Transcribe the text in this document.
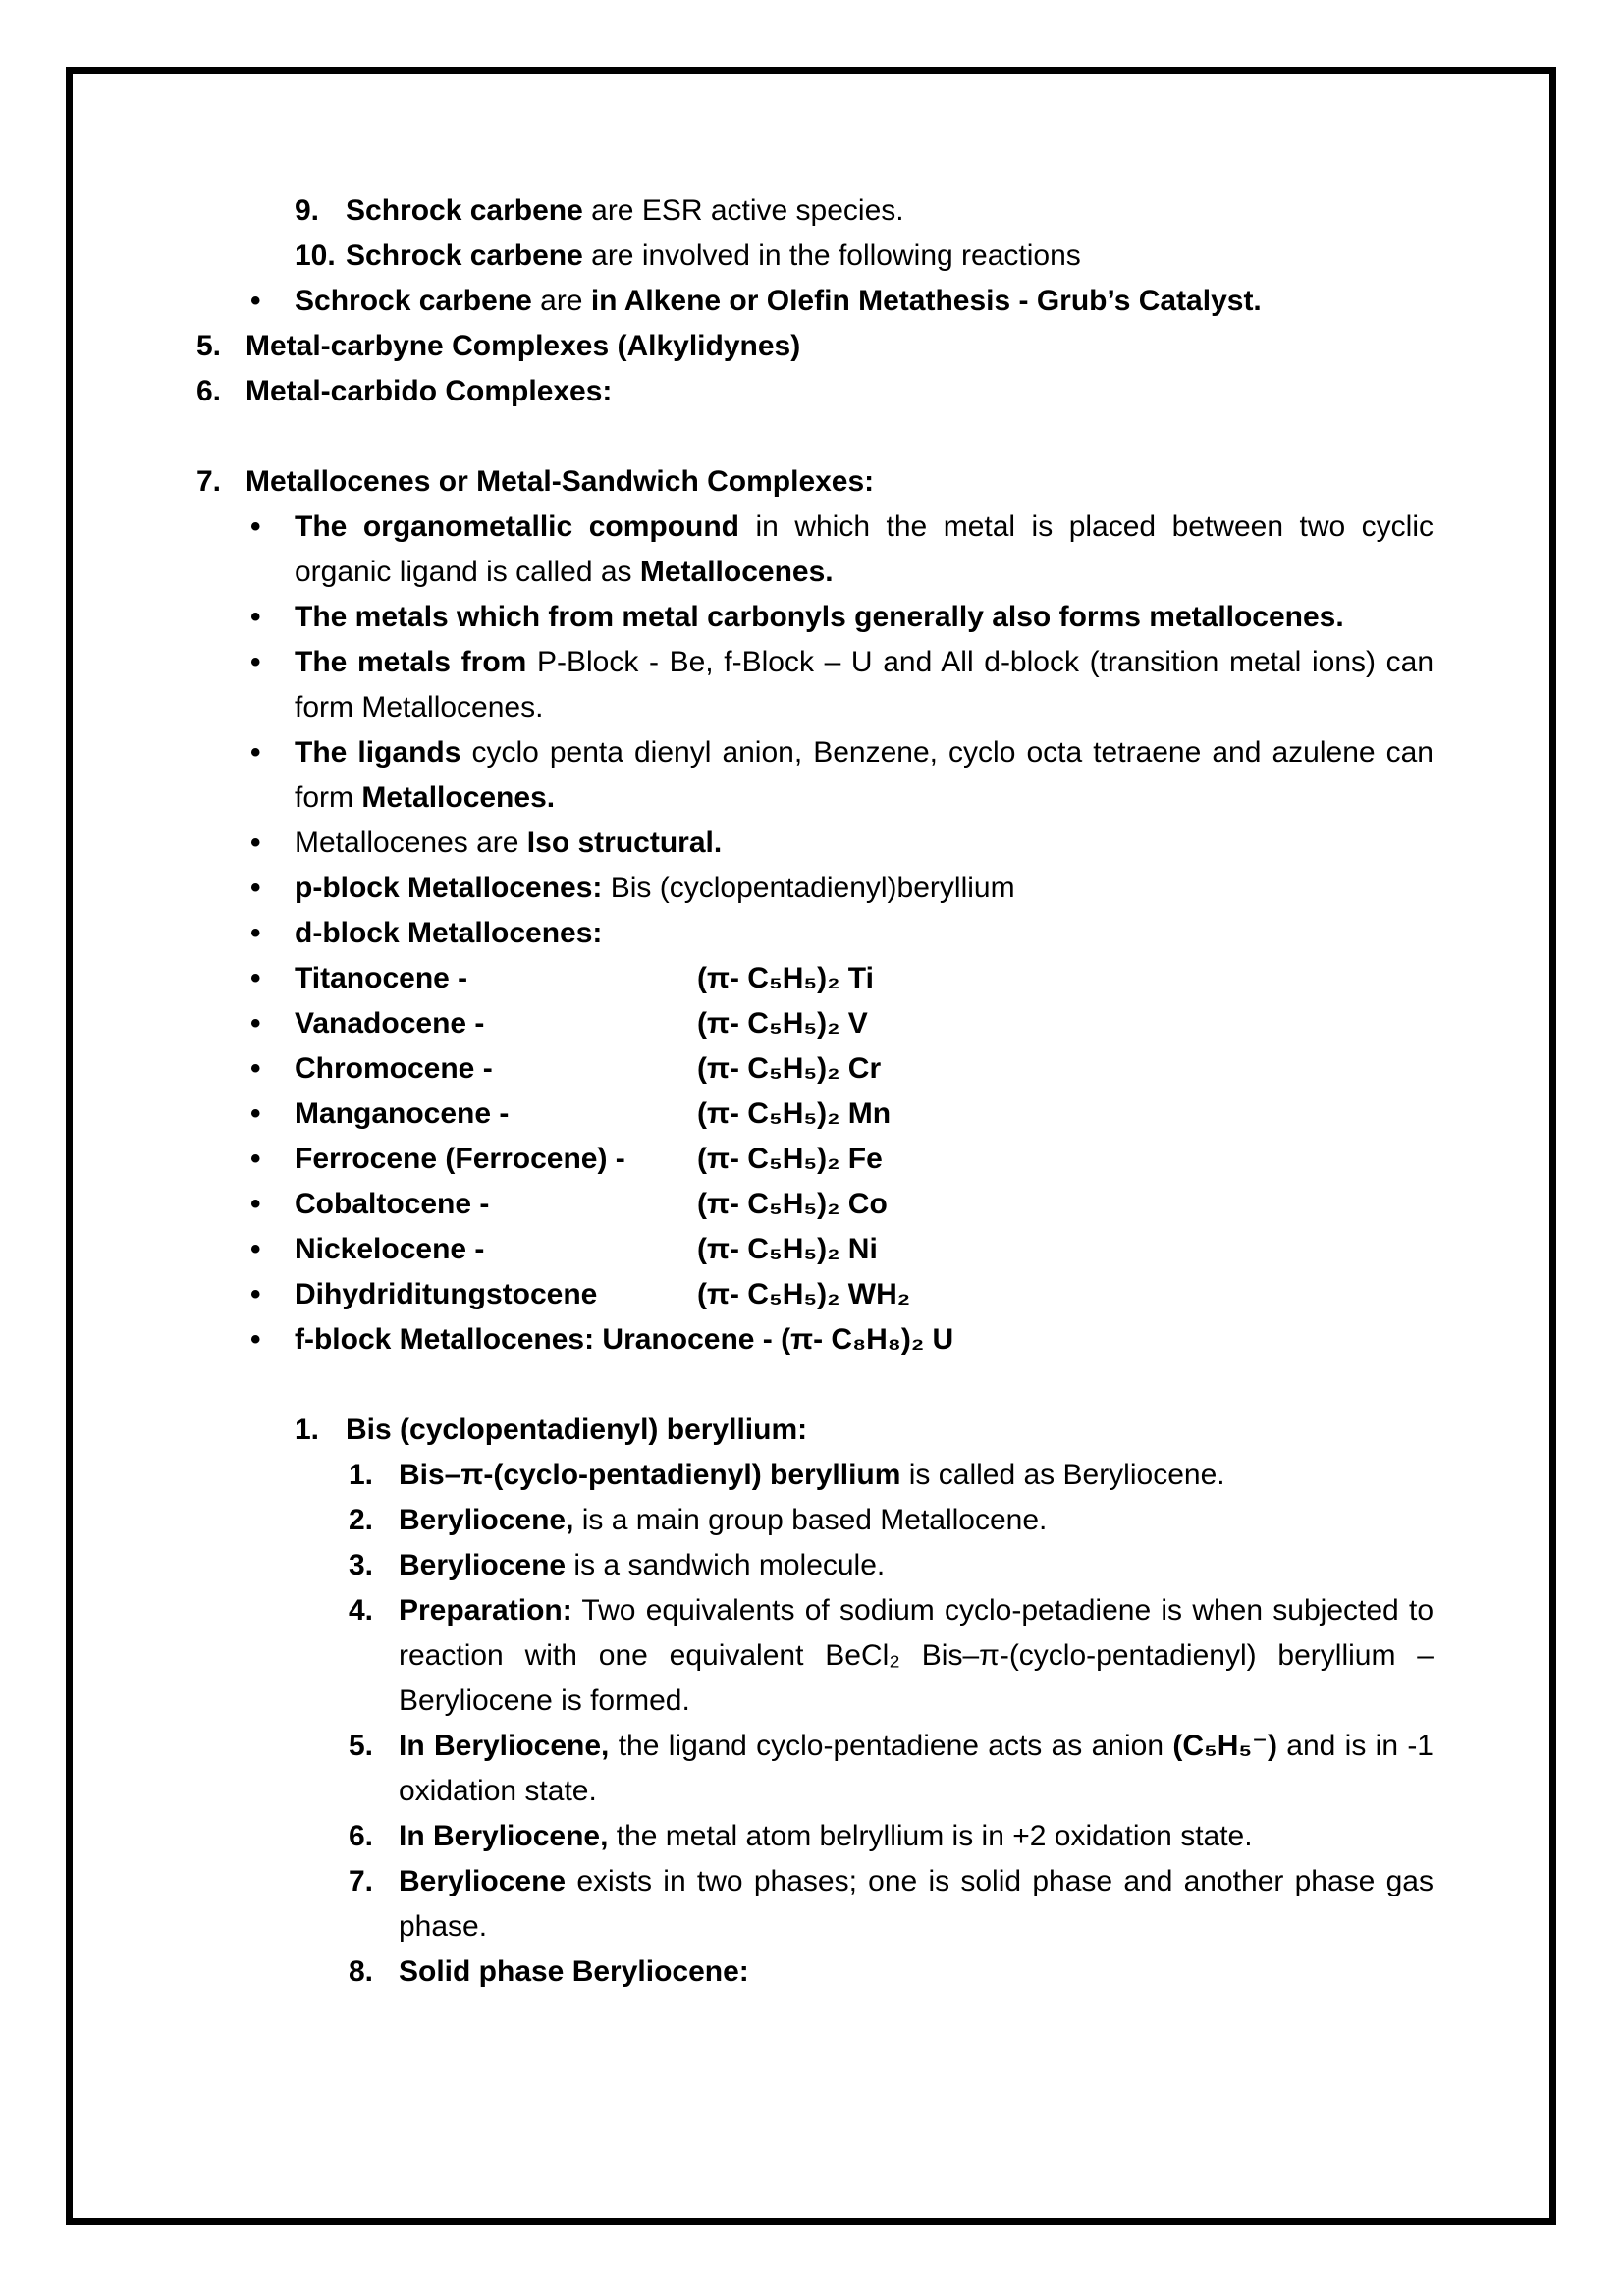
9. Schrock carbene are ESR active species.
10. Schrock carbene are involved in the following reactions
•	Schrock carbene are in Alkene or Olefin Metathesis - Grub’s Catalyst.
5. Metal-carbyne Complexes (Alkylidynes)
6. Metal-carbido Complexes:
7. Metallocenes or Metal-Sandwich Complexes:
•	The organometallic compound in which the metal is placed between two cyclic organic ligand is called as Metallocenes.
•	The metals which from metal carbonyls generally also forms metallocenes.
•	The metals from P-Block - Be, f-Block – U and All d-block (transition metal ions) can form Metallocenes.
•	The ligands cyclo penta dienyl anion, Benzene, cyclo octa tetraene and azulene can form Metallocenes.
•	Metallocenes are Iso structural.
•	p-block Metallocenes: Bis (cyclopentadienyl)beryllium
•	d-block Metallocenes:
•	Titanocene -	(π- C₅H₅)₂ Ti
•	Vanadocene -	(π- C₅H₅)₂ V
•	Chromocene -	(π- C₅H₅)₂ Cr
•	Manganocene -	(π- C₅H₅)₂ Mn
•	Ferrocene (Ferrocene) - (π- C₅H₅)₂ Fe
•	Cobaltocene -	(π- C₅H₅)₂ Co
•	Nickelocene -	(π- C₅H₅)₂ Ni
•	Dihydriditungstocene	(π- C₅H₅)₂ WH₂
•	f-block Metallocenes: Uranocene - (π- C₈H₈)₂ U
1. Bis (cyclopentadienyl) beryllium:
1. Bis–π-(cyclo-pentadienyl) beryllium is called as Beryliocene.
2. Beryliocene, is a main group based Metallocene.
3. Beryliocene is a sandwich molecule.
4. Preparation: Two equivalents of sodium cyclo-petadiene is when subjected to reaction with one equivalent BeCl₂ Bis–π-(cyclo-pentadienyl) beryllium – Beryliocene is formed.
5. In Beryliocene, the ligand cyclo-pentadiene acts as anion (C₅H₅⁻) and is in -1 oxidation state.
6. In Beryliocene, the metal atom belryllium is in +2 oxidation state.
7. Beryliocene exists in two phases; one is solid phase and another phase gas phase.
8. Solid phase Beryliocene:
